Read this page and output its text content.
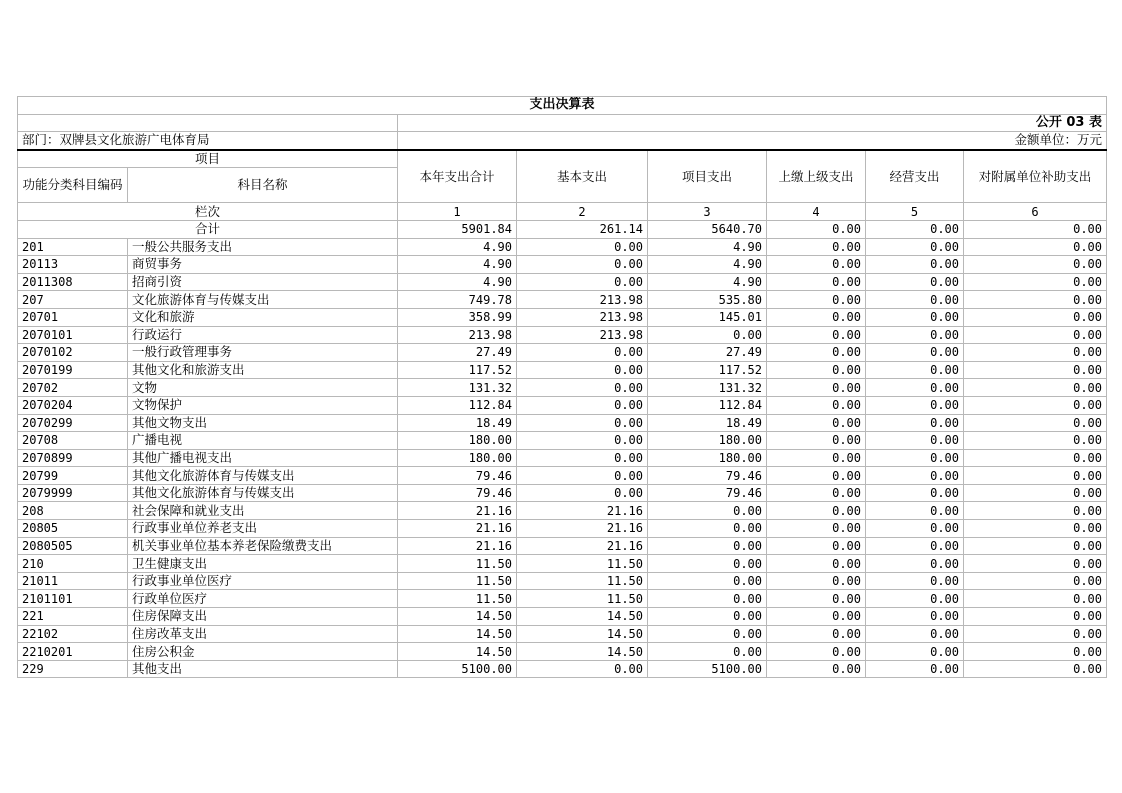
支出决算表							
		公开 03 表					
部门：双牌县文化旅游广电体育局		金额单位：万元					
项目		本年支出合计	基本支出	项目支出	上缴上级支出	经营支出	对附属单位补助支出
功能分类科目编码	科目名称						
栏次		1	2	3	4	5	6
合计		5901.84	261.14	5640.70	0.00	0.00	0.00
201	一般公共服务支出	4.90	0.00	4.90	0.00	0.00	0.00
20113	商贸事务	4.90	0.00	4.90	0.00	0.00	0.00
2011308	招商引资	4.90	0.00	4.90	0.00	0.00	0.00
207	文化旅游体育与传媒支出	749.78	213.98	535.80	0.00	0.00	0.00
20701	文化和旅游	358.99	213.98	145.01	0.00	0.00	0.00
2070101	行政运行	213.98	213.98	0.00	0.00	0.00	0.00
2070102	一般行政管理事务	27.49	0.00	27.49	0.00	0.00	0.00
2070199	其他文化和旅游支出	117.52	0.00	117.52	0.00	0.00	0.00
20702	文物	131.32	0.00	131.32	0.00	0.00	0.00
2070204	文物保护	112.84	0.00	112.84	0.00	0.00	0.00
2070299	其他文物支出	18.49	0.00	18.49	0.00	0.00	0.00
20708	广播电视	180.00	0.00	180.00	0.00	0.00	0.00
2070899	其他广播电视支出	180.00	0.00	180.00	0.00	0.00	0.00
20799	其他文化旅游体育与传媒支出	79.46	0.00	79.46	0.00	0.00	0.00
2079999	其他文化旅游体育与传媒支出	79.46	0.00	79.46	0.00	0.00	0.00
208	社会保障和就业支出	21.16	21.16	0.00	0.00	0.00	0.00
20805	行政事业单位养老支出	21.16	21.16	0.00	0.00	0.00	0.00
2080505	机关事业单位基本养老保险缴费支出	21.16	21.16	0.00	0.00	0.00	0.00
210	卫生健康支出	11.50	11.50	0.00	0.00	0.00	0.00
21011	行政事业单位医疗	11.50	11.50	0.00	0.00	0.00	0.00
2101101	行政单位医疗	11.50	11.50	0.00	0.00	0.00	0.00
221	住房保障支出	14.50	14.50	0.00	0.00	0.00	0.00
22102	住房改革支出	14.50	14.50	0.00	0.00	0.00	0.00
2210201	住房公积金	14.50	14.50	0.00	0.00	0.00	0.00
229	其他支出	5100.00	0.00	5100.00	0.00	0.00	0.00
